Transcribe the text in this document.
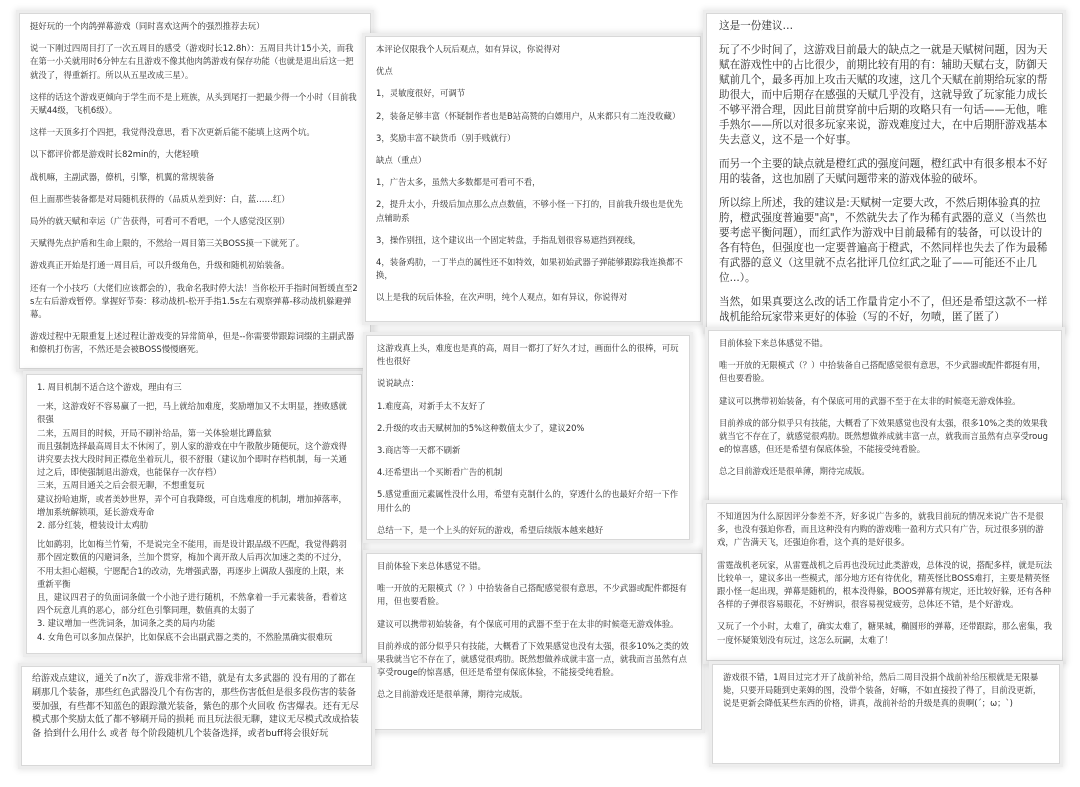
挺好玩的一个肉鸽弹幕游戏（同时喜欢这两个的强烈推荐去玩）

说一下刚过四周目打了一次五周目的感受（游戏时长12.8h）：五周目共计15小关，而我在第一小关就用时6分钟左右且游戏不像其他肉鸽游戏有保存功能（也就是退出后这一把就没了，得重新打。所以从五星改成三星）。

这样的话这个游戏更倾向于学生而不是上班族，从头到尾打一把最少得一个小时（目前我天赋44级，飞机6级）。

这样一天顶多打个四把，我觉得没意思，看下次更新后能不能填上这两个坑。

以下都评价都是游戏时长82min的，大佬轻喷

战机嘛，主副武器，僚机，引擎，机翼的常规装备

但上面那些装备都是对局随机获得的（品质从差到好：白，蓝……红）

局外的就天赋和幸运（广告获得，可看可不看吧，一个人感觉没区别）

天赋得先点护盾和生命上限的，不然给一周目第三关BOSS摸一下就死了。

游戏真正开始是打通一周目后，可以升级角色，升级和随机初始装备。

还有一个小技巧（大佬们应该都会的），我命名我时停大法！当你松开手指时间暂缓直至2s左右后游戏暂停。掌握好节奏：移动战机-松开手指1.5s左右观察弹幕-移动战机躲避弹幕。

游戏过程中无限重复上述过程让游戏变的异常简单，但是--你需要带跟踪词缀的主副武器和僚机打伤害，不然还是会被BOSS慢慢磨死。

本评论仅限我个人玩后观点，如有异议，你说得对

优点

1，灵敏度很好，可调节

2，装备足够丰富（怀疑制作者也是B站高赞的白嫖用户，从来都只有二连没收藏）

3，奖励丰富不缺货币（别手贱就行）

缺点（重点）

1，广告太多，虽然大多数都是可看可不看，

2，提升太小，升级后加点那么点点数值，不够小怪一下打的，目前我升级也是优先点辅助系

3，操作别扭，这个建议出一个固定转盘，手指乱划很容易遮挡到视线，

4，装备鸡肋，一丁半点的属性还不如特效，如果初始武器子弹能够跟踪我连换都不换，

以上是我的玩后体验，在次声明，纯个人观点，如有异议，你说得对

这是一份建议…

玩了不少时间了，这游戏目前最大的缺点之一就是天赋树问题，因为天赋在游戏性中的占比很少，前期比较有用的有：辅助天赋右支，防御天赋前几个，最多再加上攻击天赋的攻速，这几个天赋在前期给玩家的帮助很大，而中后期存在感强的天赋几乎没有，这就导致了玩家能力成长不够平滑合理，因此目前贯穿前中后期的攻略只有一句话——无他，唯手熟尔——所以对很多玩家来说，游戏难度过大，在中后期肝游戏基本失去意义，这不是一个好事。

而另一个主要的缺点就是橙红武的强度问题，橙红武中有很多根本不好用的装备，这也加剧了天赋问题带来的游戏体验的破坏。

所以综上所述，我的建议是:天赋树一定要大改，不然后期体验真的拉胯，橙武强度普遍要"高"，不然就失去了作为稀有武器的意义（当然也要考虑平衡问题），而红武作为游戏中目前最稀有的装备，可以设计的各有特色，但强度也一定要普遍高于橙武，不然同样也失去了作为最稀有武器的意义（这里就不点名批评几位红武之耻了——可能还不止几位...）。

当然，如果真要这么改的话工作量肯定小不了，但还是希望这款不一样战机能给玩家带来更好的体验（写的不好，勿喷，匿了匿了）

1. 周目机制不适合这个游戏，理由有三

一来，这游戏好不容易赢了一把，马上就给加难度，奖励增加又不太明显，挫败感就很强

二来，五周目的时候，开局不刷补给品，第一关体验堪比蹲监狱

而且强制选择最高周目太不休闲了，别人家的游戏在中午散散步随便玩，这个游戏得讲究要去找大段时间正襟危坐着玩儿，很不舒服（建议加个即时存档机制，每一关通过之后，即使强制退出游戏，也能保存一次存档）

三来，五周目通关之后会很无聊，不想重复玩

建议扮哈迪斯，或者美妙世界，弄个可自我降级，可自选难度的机制，增加掉落率，增加系统解锁项，延长游戏寿命

2. 部分红装，橙装设计太鸡肋

比如鹞羽，比如梅兰竹菊，不是说完全不能用，而是设计跟品级不匹配，我觉得鹞羽那个固定数值的闪避词条，兰加个贯穿，梅加个离开敌人后再次加速之类的不过分，不用太担心超模，宁愿配合1的改动，先增强武器，再逐步上调敌人强度的上限，来重新平衡

且，建议四君子的负面词条做一个小池子进行随机，不然拿着一手元素装备，看着这四个玩意儿真的恶心，部分红色引擎同理，数值真的太弱了

3. 建议增加一些洗词条，加词条之类的局内功能

4. 女角色可以多加点保护，比如保底不会出副武器之类的，不然脸黑确实很难玩

这游戏真上头，难度也是真的高，周目一都打了好久才过，画面什么的很棒，可玩性也很好

说说缺点：

1.难度高，对新手太不友好了

2.升级的攻击天赋树加的5%这种数值太少了，建议20%

3.商店等一天都不刷新

4.还希望出一个买断看广告的机制

5.感觉重面元素属性没什么用，希望有克制什么的，穿透什么的也最好介绍一下作用什么的

总结一下，是一个上头的好玩的游戏，希望后续版本越来越好

目前体验下来总体感觉不错。

唯一开放的无限模式（？）中拾装备自己搭配感觉很有意思，不少武器或配件都挺有用，但也要看脸。

建议可以携带初始装备，有个保底可用的武器不至于在太非的时候毫无游戏体验。

目前养成的部分似乎只有技能，大概看了下效果感觉也没有太强，很多10%之类的效果我就当它不存在了，就感觉很鸡肋。既然想做养成就丰富一点，就我而言虽然有点享受rouge的惊喜感，但还是希望有保底体验，不能接受纯看脸。

总之目前游戏还是很单薄，期待完成版。

目前体验下来总体感觉不错。

唯一开放的无限模式（？）中拾装备自己搭配感觉很有意思，不少武器或配件都挺有用，但也要看脸。

建议可以携带初始装备，有个保底可用的武器不至于在太非的时候毫无游戏体验。

目前养成的部分似乎只有技能，大概看了下效果感觉也没有太强，很多10%之类的效果我就当它不存在了，就感觉很鸡肋。既然想做养成就丰富一点，就我而言虽然有点享受rouge的惊喜感，但还是希望有保底体验，不能接受纯看脸。

总之目前游戏还是很单薄，期待完成版。

不知道因为什么原因评分参差不齐，好多说广告多的，就我目前玩的情况来说广告不是很多，也没有强迫你看，而且这种没有内购的游戏唯一盈利方式只有广告，玩过很多别的游戏，广告满天飞，还强迫你看，这个真的是好很多。

雷霆战机老玩家，从雷霆战机之后再也没玩过此类游戏，总体没的说，搭配多样，就是玩法比较单一，建议多出一些模式，部分地方还有待优化，精英怪比BOSS难打，主要是精英怪跟小怪一起出现，弹幕是随机的，根本没得躲，BOOS弹幕有规定，还比较好躲，还有各种各样的子弹很容易眼花，不好辨识，很容易视觉疲劳，总体还不错，是个好游戏。

又玩了一个小时，太难了，确实太难了，糖果城，椭圆形的弹幕，还带跟踪，那么密集，我一度怀疑策划没有玩过，这怎么玩嗣，太难了！

给游戏点建议，通关了n次了，游戏非常不错，就是有太多武器的 没有用的了都在刷那几个装备，那些红色武器没几个有伤害的，那些伤害低但是很多段伤害的装备要加强，有些都不知蓝色的跟踪激光装备，紫色的那个火回收 伤害爆表。还有无尽模式那个奖励太低了都不够刷开局的损耗 而且玩法很无聊，建议无尽模式改成拾装备 拾到什么用什么 或者 每个阶段随机几个装备选择，或者buff将会很好玩

游戏很不错，1周目过完才开了战前补给，然后二周目没捐个战前补给压根就是无限暴毙，只要开局随到史莱姆的图，没带个装备，好嘛，不如直接投了得了，目前没更新，说是更新会降低某些东西的价格，讲真，战前补给的升级是真的贵啊(´；ω；`)
